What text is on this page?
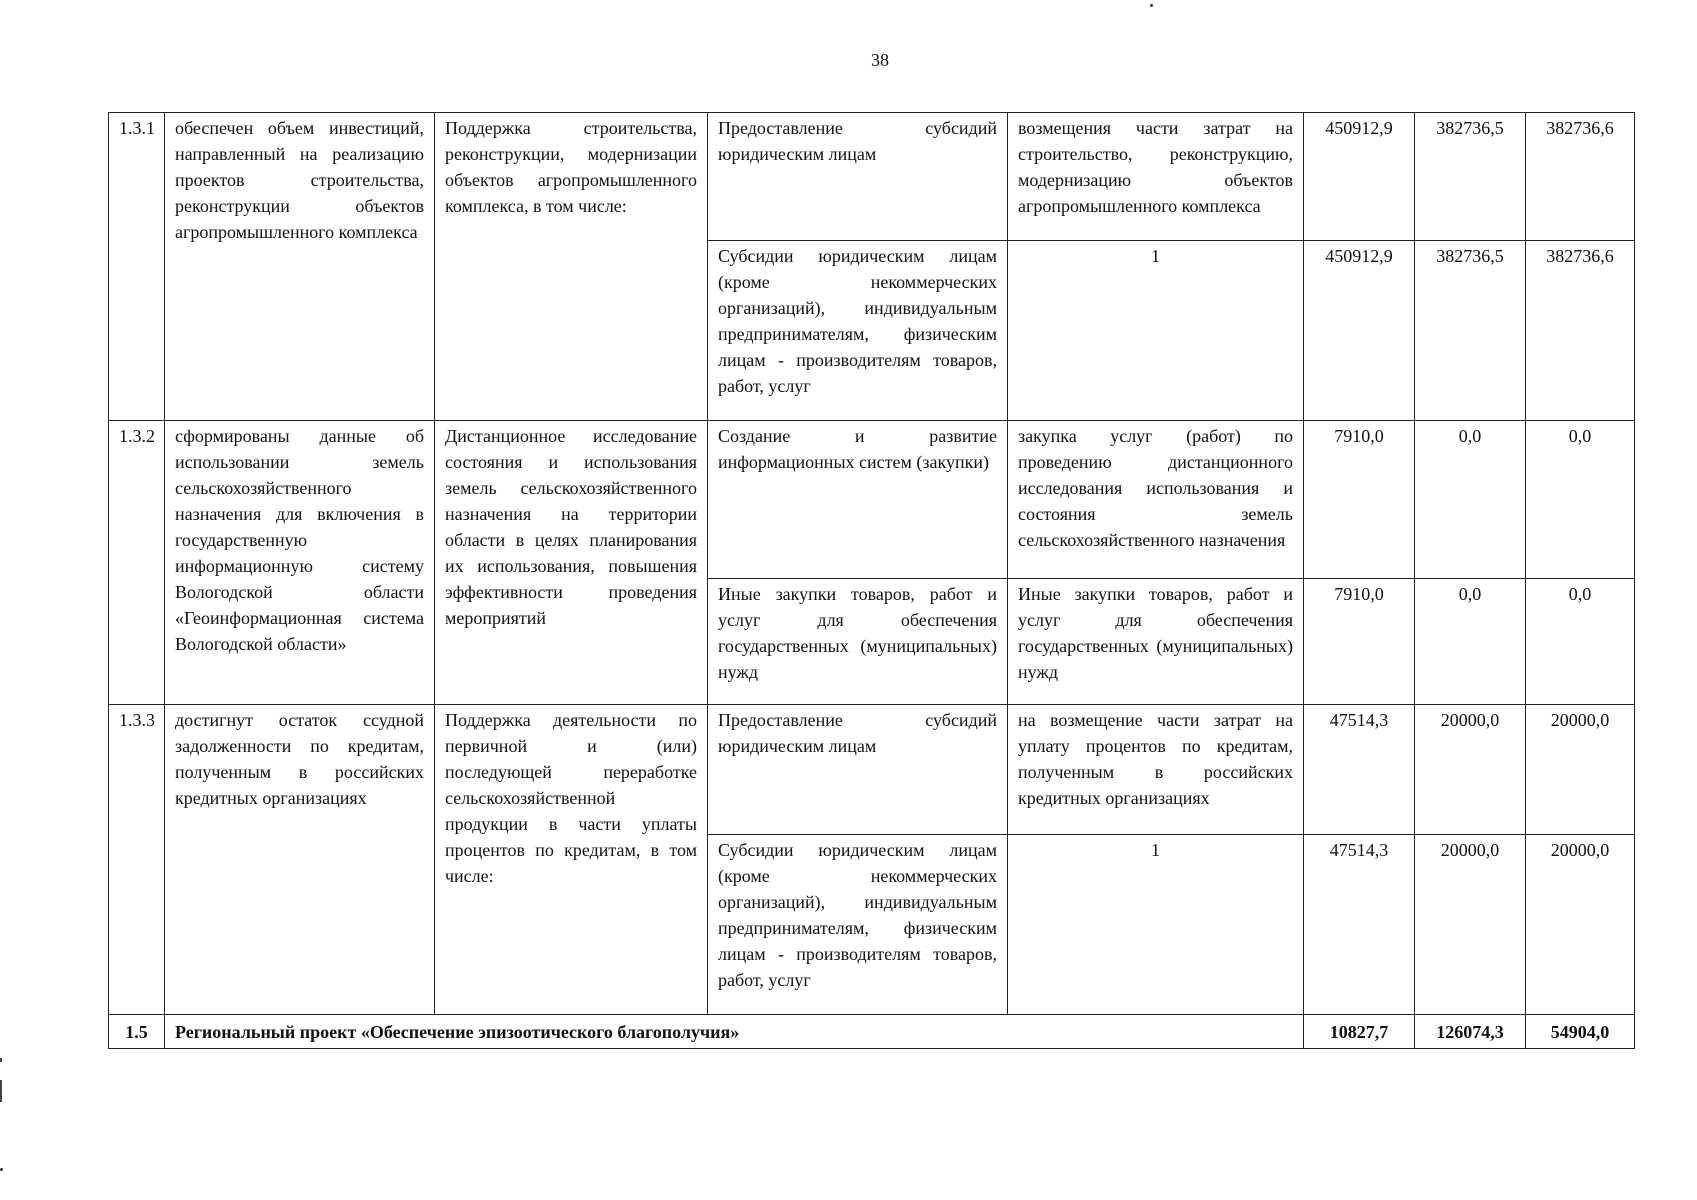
38
1.3.1	обеспечен объем инвестиций, направленный на реализацию проектов строительства, реконструкции объектов агропромышленного комплекса	Поддержка строительства, реконструкции, модернизации объектов агропромышленного комплекса, в том числе:	Предоставление субсидий юридическим лицам	возмещения части затрат на строительство, реконструкцию, модернизацию объектов агропромышленного комплекса	450912,9	382736,5	382736,6
			Субсидии юридическим лицам (кроме некоммерческих организаций), индивидуальным предпринимателям, физическим лицам - производителям товаров, работ, услуг	1	450912,9	382736,5	382736,6
1.3.2	сформированы данные об использовании земель сельскохозяйственного назначения для включения в государственную информационную систему Вологодской области «Геоинформационная система Вологодской области»	Дистанционное исследование состояния и использования земель сельскохозяйственного назначения на территории области в целях планирования их использования, повышения эффективности проведения мероприятий	Создание и развитие информационных систем (закупки)	закупка услуг (работ) по проведению дистанционного исследования использования и состояния земель сельскохозяйственного назначения	7910,0	0,0	0,0
			Иные закупки товаров, работ и услуг для обеспечения государственных (муниципальных) нужд	Иные закупки товаров, работ и услуг для обеспечения государственных (муниципальных) нужд	7910,0	0,0	0,0
1.3.3	достигнут остаток ссудной задолженности по кредитам, полученным в российских кредитных организациях	Поддержка деятельности по первичной и (или) последующей переработке сельскохозяйственной продукции в части уплаты процентов по кредитам, в том числе:	Предоставление субсидий юридическим лицам	на возмещение части затрат на уплату процентов по кредитам, полученным в российских кредитных организациях	47514,3	20000,0	20000,0
			Субсидии юридическим лицам (кроме некоммерческих организаций), индивидуальным предпринимателям, физическим лицам - производителям товаров, работ, услуг	1	47514,3	20000,0	20000,0
1.5	Региональный проект «Обеспечение эпизоотического благополучия»				10827,7	126074,3	54904,0
